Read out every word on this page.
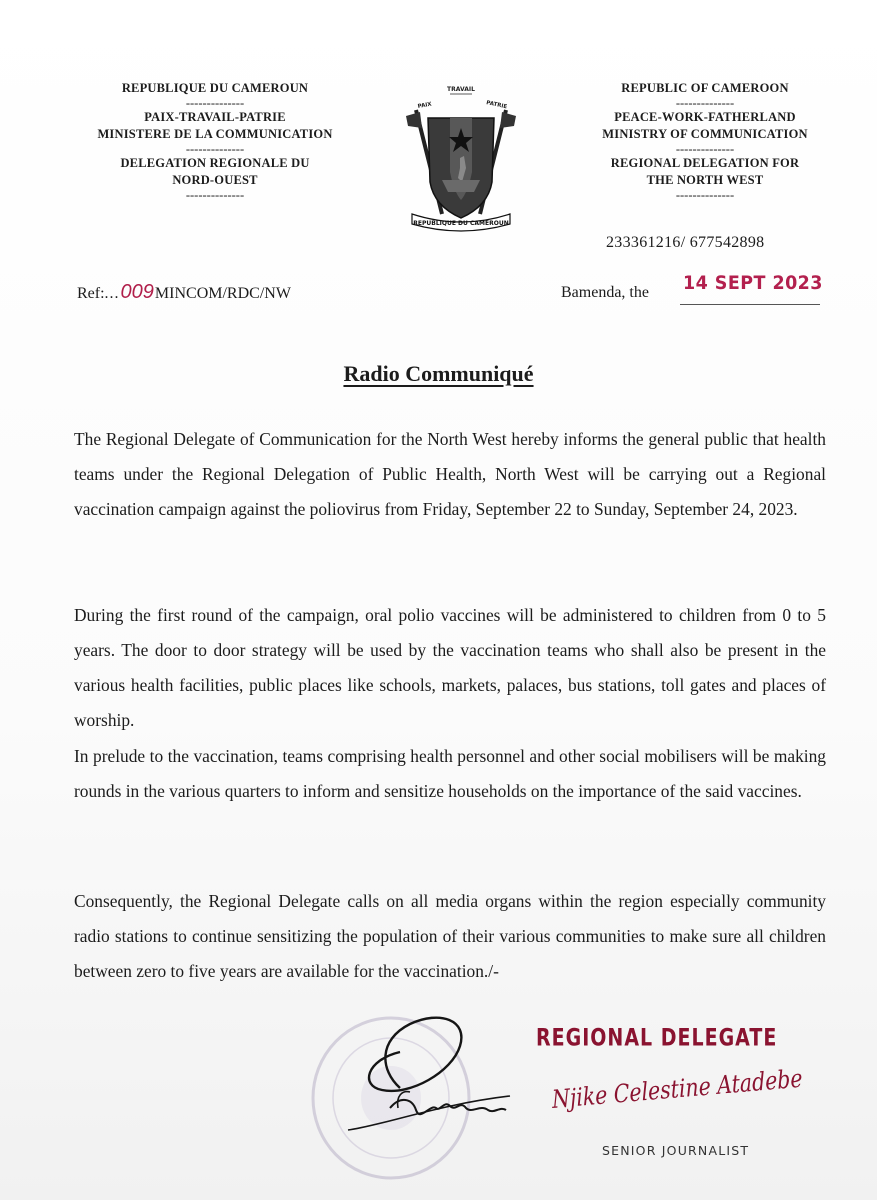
REPUBLIQUE DU CAMEROUN
--------------
PAIX-TRAVAIL-PATRIE
MINISTERE DE LA COMMUNICATION
--------------
DELEGATION REGIONALE DU
NORD-OUEST
--------------
TRAVAIL
PAIX	PATRIE
REPUBLIQUE DU CAMEROUN
REPUBLIC OF CAMEROON
--------------
PEACE-WORK-FATHERLAND
MINISTRY OF COMMUNICATION
--------------
REGIONAL DELEGATION FOR
THE NORTH WEST
--------------
233361216/ 677542898
Ref:...009MINCOM/RDC/NW	Bamenda, the 14 SEPT 2023
Radio Communiqué

The Regional Delegate of Communication for the North West hereby informs the general public that health teams under the Regional Delegation of Public Health, North West will be carrying out a Regional vaccination campaign against the poliovirus from Friday, September 22 to Sunday, September 24, 2023.

During the first round of the campaign, oral polio vaccines will be administered to children from 0 to 5 years. The door to door strategy will be used by the vaccination teams who shall also be present in the various health facilities, public places like schools, markets, palaces, bus stations, toll gates and places of worship.

In prelude to the vaccination, teams comprising health personnel and other social mobilisers will be making rounds in the various quarters to inform and sensitize households on the importance of the said vaccines.

Consequently, the Regional Delegate calls on all media organs within the region especially community radio stations to continue sensitizing the population of their various communities to make sure all children between zero to five years are available for the vaccination./-

REGIONAL DELEGATE
Njike Celestine Atadebe
SENIOR JOURNALIST
